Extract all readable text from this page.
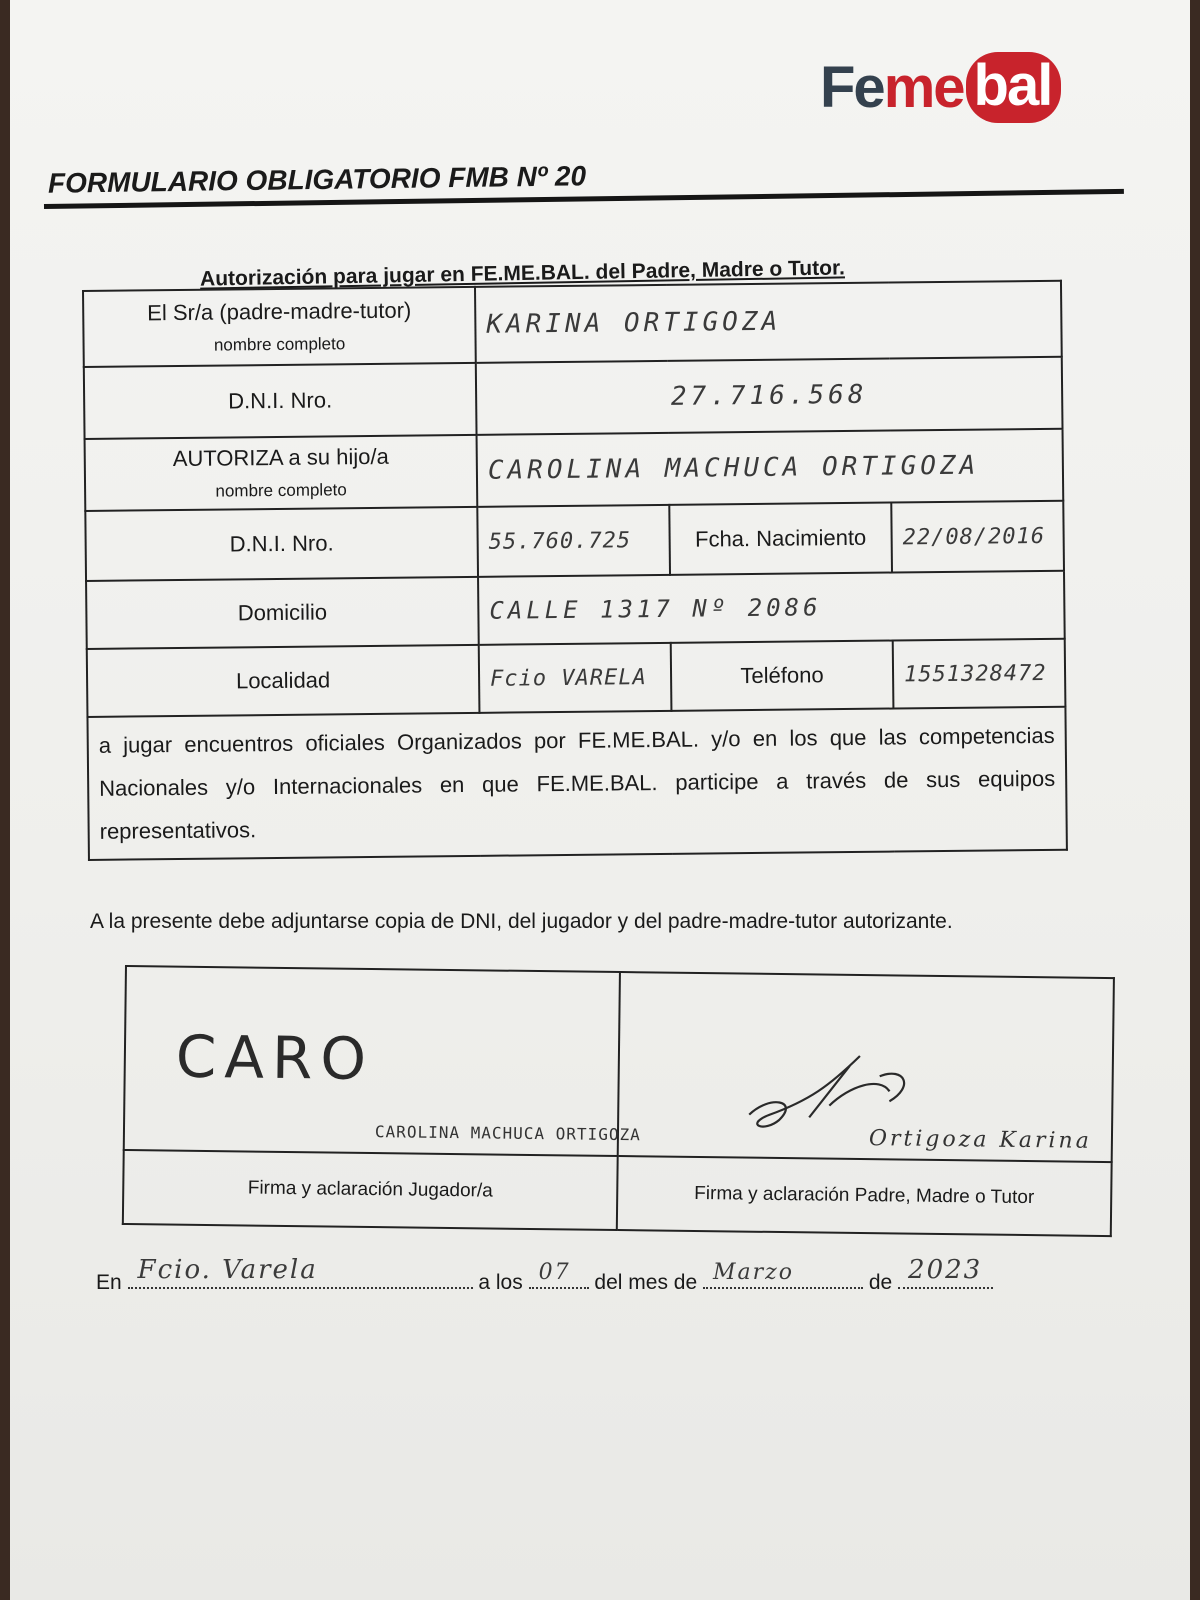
Fe me bal
FORMULARIO OBLIGATORIO FMB Nº 20
Autorización para jugar en FE.ME.BAL. del Padre, Madre o Tutor.
El Sr/a (padre-madre-tutor)
nombre completo	KARINA ORTIGOZA		
D.N.I. Nro.	27.716.568		
AUTORIZA a su hijo/a
nombre completo	CAROLINA MACHUCA ORTIGOZA		
D.N.I. Nro.	55.760.725	Fcha. Nacimiento	22/08/2016
Domicilio	CALLE 1317 Nº 2086		
Localidad	Fcio VARELA	Teléfono	1551328472
a jugar encuentros oficiales Organizados por FE.ME.BAL. y/o en los que las competencias Nacionales y/o Internacionales en que FE.ME.BAL. participe a través de sus equipos representativos.			
A la presente debe adjuntarse copia de DNI, del jugador y del padre-madre-tutor autorizante.
CARO
CAROLINA MACHUCA ORTIGOZA	Ortigoza Karina

Firma y aclaración Jugador/a	Firma y aclaración Padre, Madre o Tutor
En Fcio. Varela	a los 07 del mes de Marzo	de 2023
